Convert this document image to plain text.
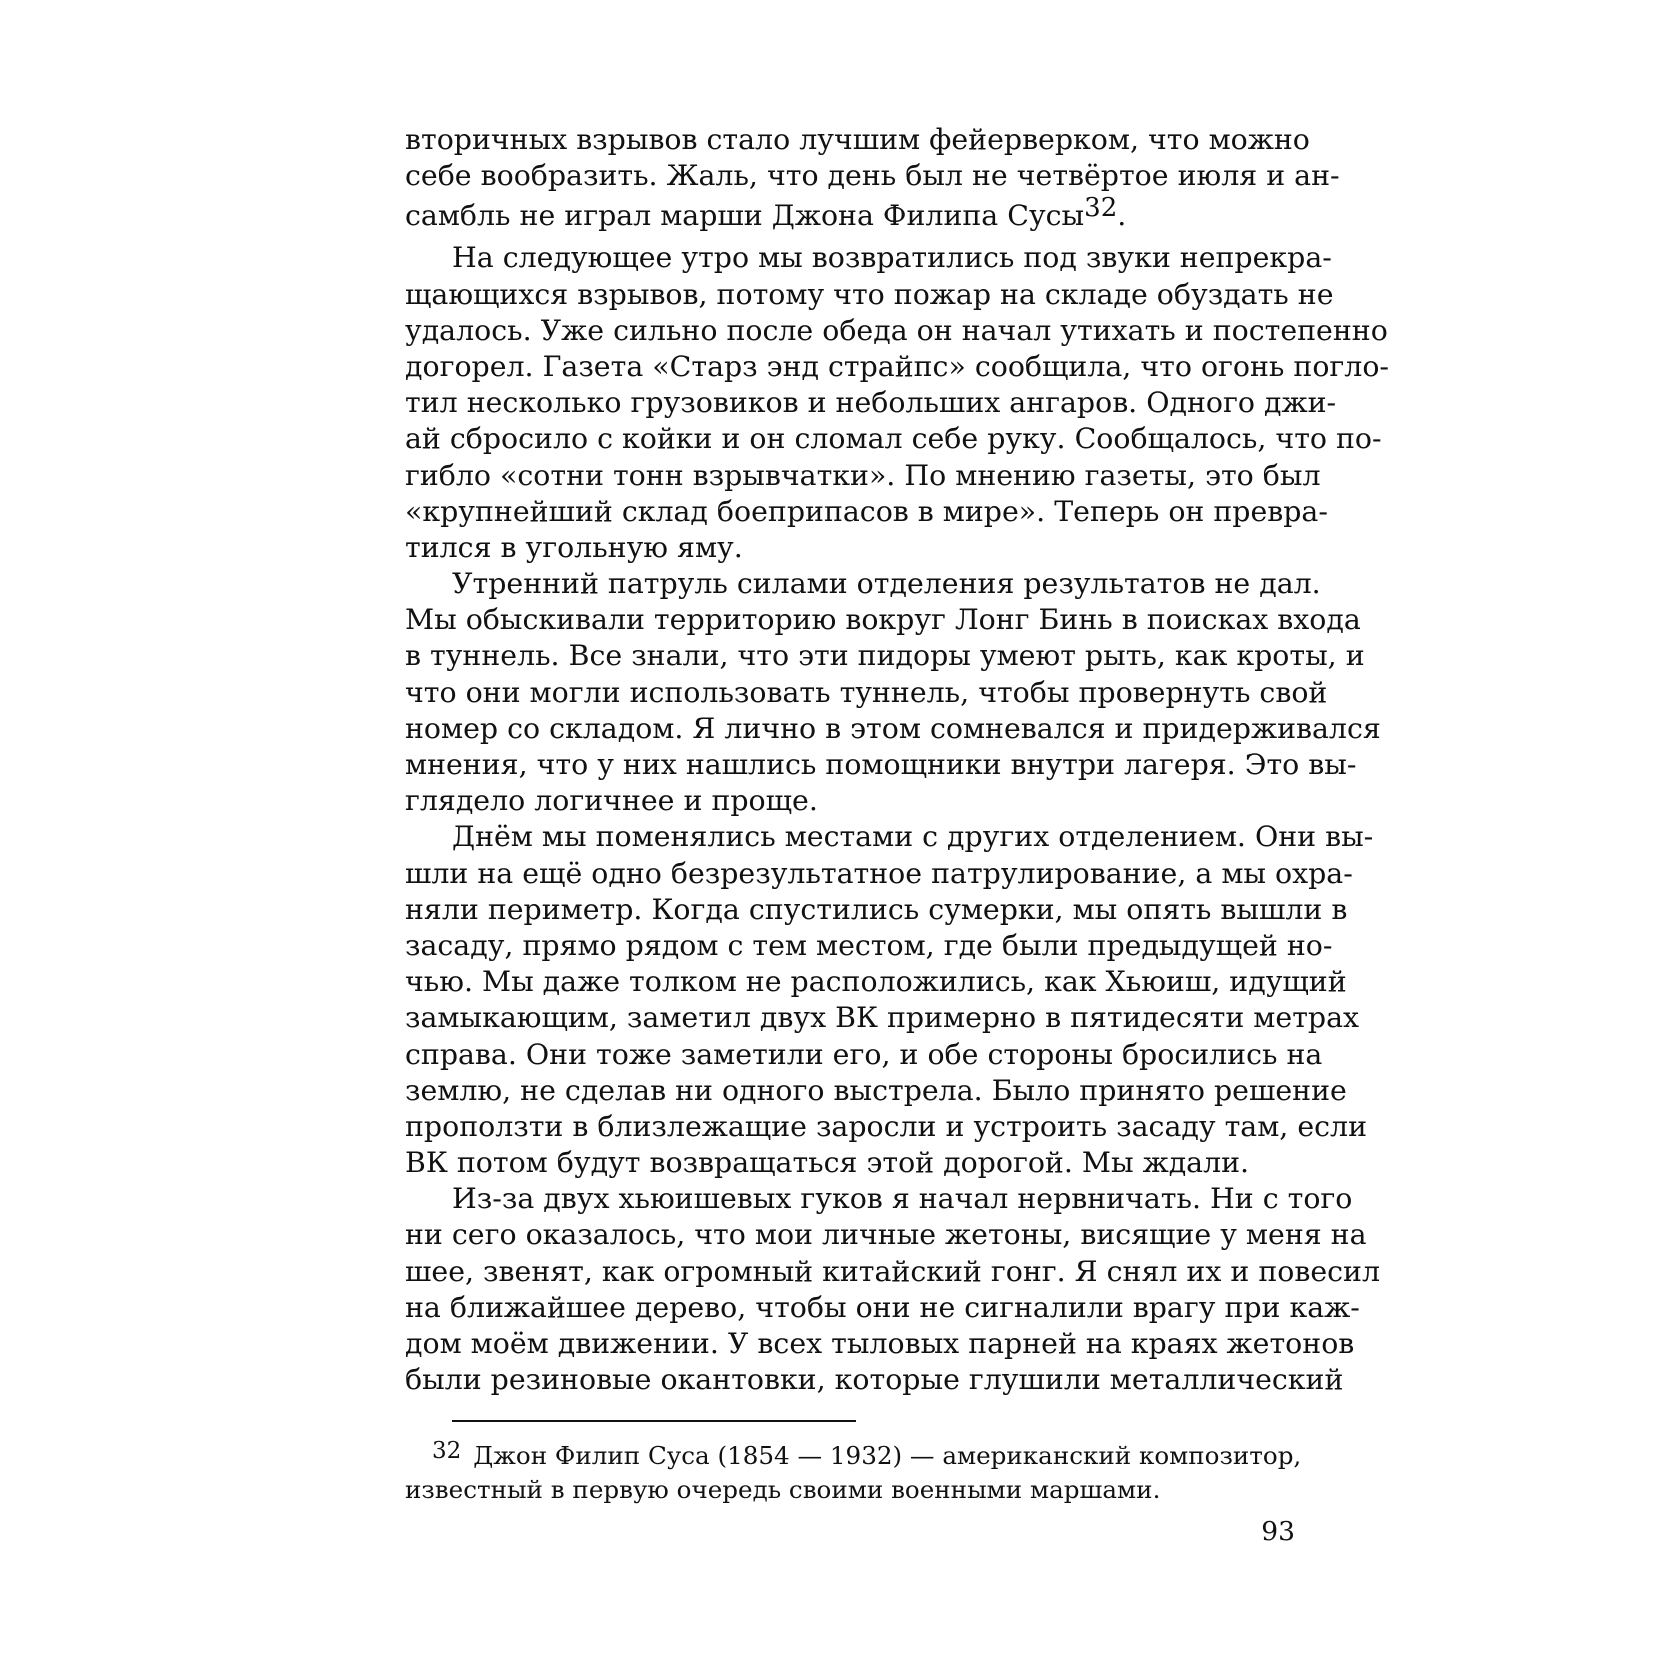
вторичных взрывов стало лучшим фейерверком, что можно
себе вообразить. Жаль, что день был не четвёртое июля и ан-
самбль не играл марши Джона Филипа Сусы32.
На следующее утро мы возвратились под звуки непрекра-
щающихся взрывов, потому что пожар на складе обуздать не
удалось. Уже сильно после обеда он начал утихать и постепенно
догорел. Газета «Старз энд страйпс» сообщила, что огонь погло-
тил несколько грузовиков и небольших ангаров. Одного джи-
ай сбросило с койки и он сломал себе руку. Сообщалось, что по-
гибло «сотни тонн взрывчатки». По мнению газеты, это был
«крупнейший склад боеприпасов в мире». Теперь он превра-
тился в угольную яму.
Утренний патруль силами отделения результатов не дал.
Мы обыскивали территорию вокруг Лонг Бинь в поисках входа
в туннель. Все знали, что эти пидоры умеют рыть, как кроты, и
что они могли использовать туннель, чтобы провернуть свой
номер со складом. Я лично в этом сомневался и придерживался
мнения, что у них нашлись помощники внутри лагеря. Это вы-
глядело логичнее и проще.
Днём мы поменялись местами с других отделением. Они вы-
шли на ещё одно безрезультатное патрулирование, а мы охра-
няли периметр. Когда спустились сумерки, мы опять вышли в
засаду, прямо рядом с тем местом, где были предыдущей но-
чью. Мы даже толком не расположились, как Хьюиш, идущий
замыкающим, заметил двух ВК примерно в пятидесяти метрах
справа. Они тоже заметили его, и обе стороны бросились на
землю, не сделав ни одного выстрела. Было принято решение
проползти в близлежащие заросли и устроить засаду там, если
ВК потом будут возвращаться этой дорогой. Мы ждали.
Из-за двух хьюишевых гуков я начал нервничать. Ни с того
ни сего оказалось, что мои личные жетоны, висящие у меня на
шее, звенят, как огромный китайский гонг. Я снял их и повесил
на ближайшее дерево, чтобы они не сигналили врагу при каж-
дом моём движении. У всех тыловых парней на краях жетонов
были резиновые окантовки, которые глушили металлический
32 Джон Филип Суса (1854 — 1932) — американский композитор,
известный в первую очередь своими военными маршами.
93
